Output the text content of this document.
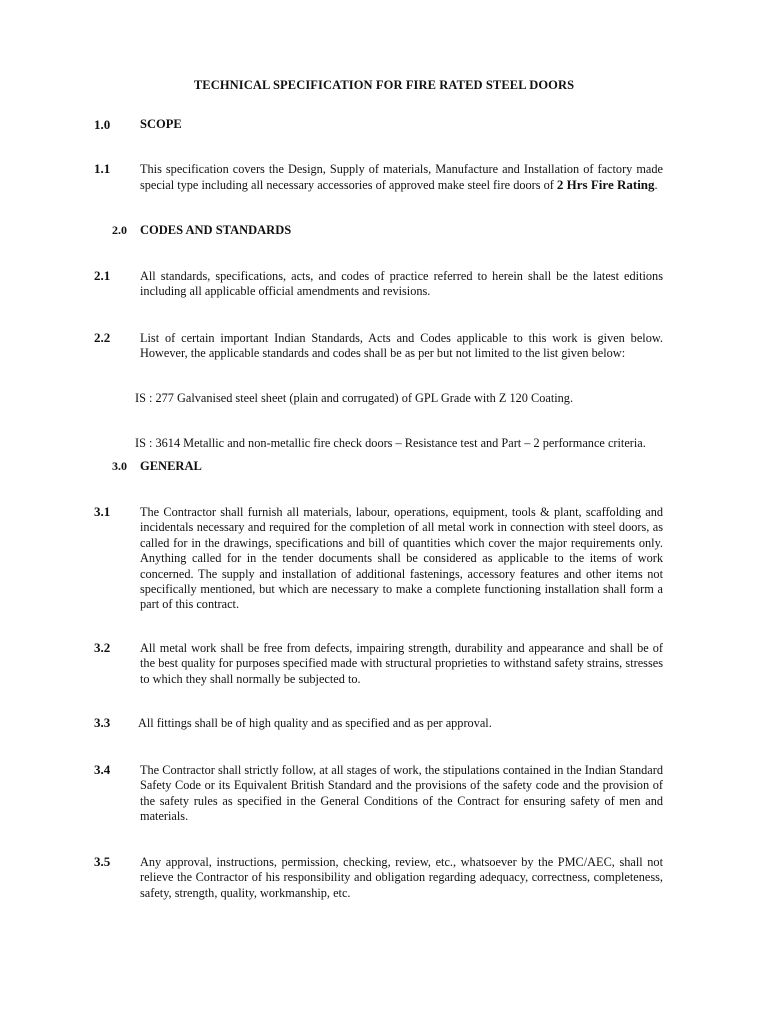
TECHNICAL SPECIFICATION FOR FIRE RATED STEEL DOORS
1.0 SCOPE
1.1 This specification covers the Design, Supply of materials, Manufacture and Installation of factory made special type including all necessary accessories of approved make steel fire doors of 2 Hrs Fire Rating.
2.0 CODES AND STANDARDS
2.1 All standards, specifications, acts, and codes of practice referred to herein shall be the latest editions including all applicable official amendments and revisions.
2.2 List of certain important Indian Standards, Acts and Codes applicable to this work is given below. However, the applicable standards and codes shall be as per but not limited to the list given below:
IS : 277 Galvanised steel sheet (plain and corrugated) of GPL Grade with Z 120 Coating.
IS : 3614 Metallic and non-metallic fire check doors – Resistance test and Part – 2 performance criteria.
3.0 GENERAL
3.1 The Contractor shall furnish all materials, labour, operations, equipment, tools & plant, scaffolding and incidentals necessary and required for the completion of all metal work in connection with steel doors, as called for in the drawings, specifications and bill of quantities which cover the major requirements only. Anything called for in the tender documents shall be considered as applicable to the items of work concerned. The supply and installation of additional fastenings, accessory features and other items not specifically mentioned, but which are necessary to make a complete functioning installation shall form a part of this contract.
3.2 All metal work shall be free from defects, impairing strength, durability and appearance and shall be of the best quality for purposes specified made with structural proprieties to withstand safety strains, stresses to which they shall normally be subjected to.
3.3 All fittings shall be of high quality and as specified and as per approval.
3.4 The Contractor shall strictly follow, at all stages of work, the stipulations contained in the Indian Standard Safety Code or its Equivalent British Standard and the provisions of the safety code and the provision of the safety rules as specified in the General Conditions of the Contract for ensuring safety of men and materials.
3.5 Any approval, instructions, permission, checking, review, etc., whatsoever by the PMC/AEC, shall not relieve the Contractor of his responsibility and obligation regarding adequacy, correctness, completeness, safety, strength, quality, workmanship, etc.
